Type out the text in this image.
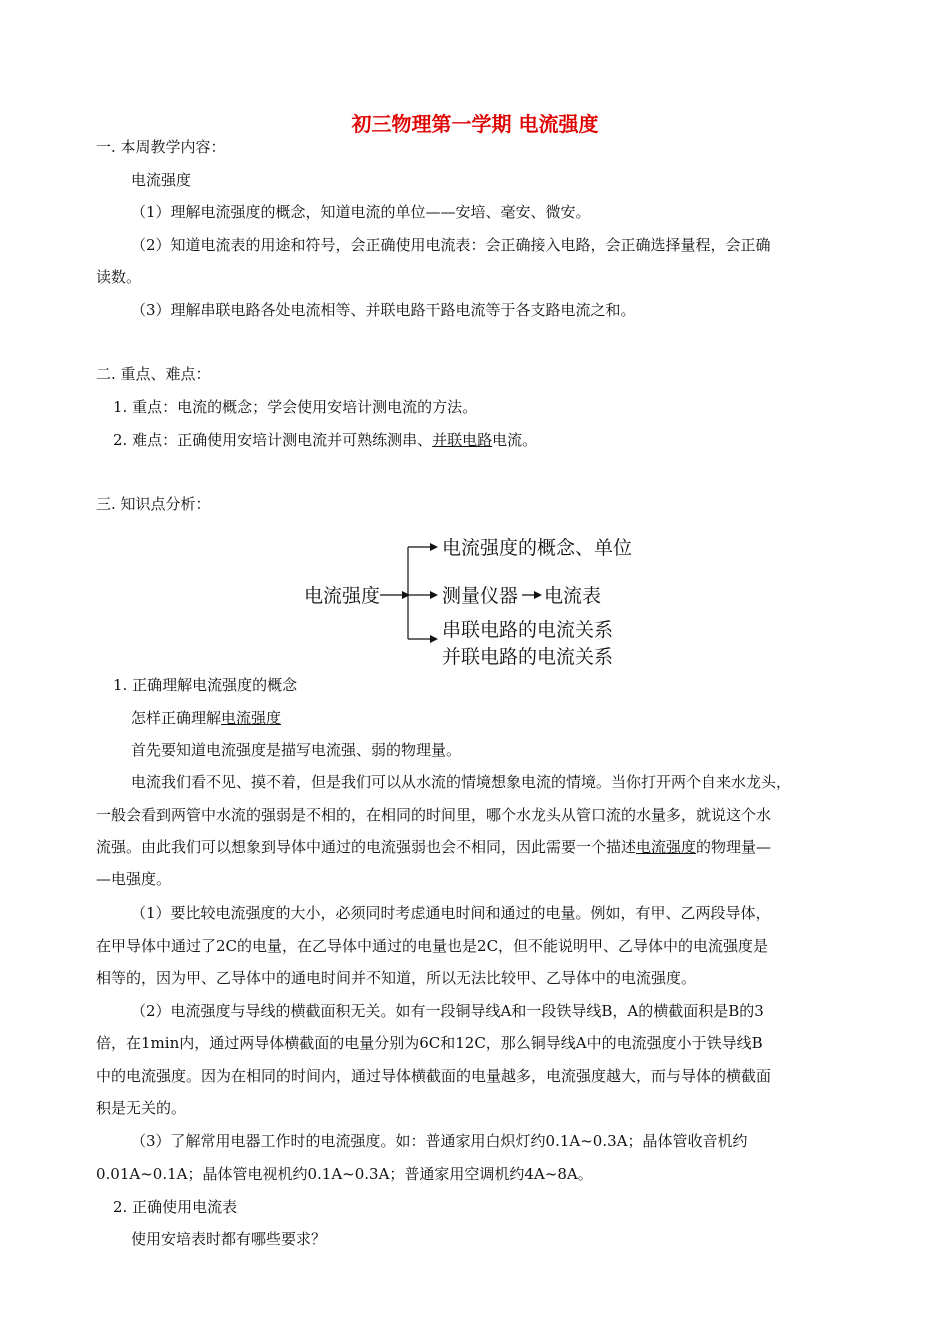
初三物理第一学期 电流强度
一. 本周教学内容：
电流强度
（1）理解电流强度的概念，知道电流的单位——安培、毫安、微安。
（2）知道电流表的用途和符号，会正确使用电流表：会正确接入电路，会正确选择量程，会正确
读数。
（3）理解串联电路各处电流相等、并联电路干路电流等于各支路电流之和。
二. 重点、难点：
1. 重点：电流的概念；学会使用安培计测电流的方法。
2. 难点：正确使用安培计测电流并可熟练测串、并联电路电流。
三. 知识点分析：
电流强度
电流强度的概念、单位
测量仪器 电流表
串联电路的电流关系
并联电路的电流关系
1. 正确理解电流强度的概念
怎样正确理解电流强度
首先要知道电流强度是描写电流强、弱的物理量。
电流我们看不见、摸不着，但是我们可以从水流的情境想象电流的情境。当你打开两个自来水龙头，
一般会看到两管中水流的强弱是不相的，在相同的时间里，哪个水龙头从管口流的水量多，就说这个水
流强。由此我们可以想象到导体中通过的电流强弱也会不相同，因此需要一个描述电流强度的物理量—
—电强度。
（1）要比较电流强度的大小，必须同时考虑通电时间和通过的电量。例如，有甲、乙两段导体，
在甲导体中通过了2C的电量，在乙导体中通过的电量也是2C，但不能说明甲、乙导体中的电流强度是
相等的，因为甲、乙导体中的通电时间并不知道，所以无法比较甲、乙导体中的电流强度。
（2）电流强度与导线的横截面积无关。如有一段铜导线A和一段铁导线B，A的横截面积是B的3
倍，在1min内，通过两导体横截面的电量分别为6C和12C，那么铜导线A中的电流强度小于铁导线B
中的电流强度。因为在相同的时间内，通过导体横截面的电量越多，电流强度越大，而与导体的横截面
积是无关的。
（3）了解常用电器工作时的电流强度。如：普通家用白炽灯约0.1A~0.3A；晶体管收音机约
0.01A~0.1A；晶体管电视机约0.1A~0.3A；普通家用空调机约4A~8A。
2. 正确使用电流表
使用安培表时都有哪些要求？
